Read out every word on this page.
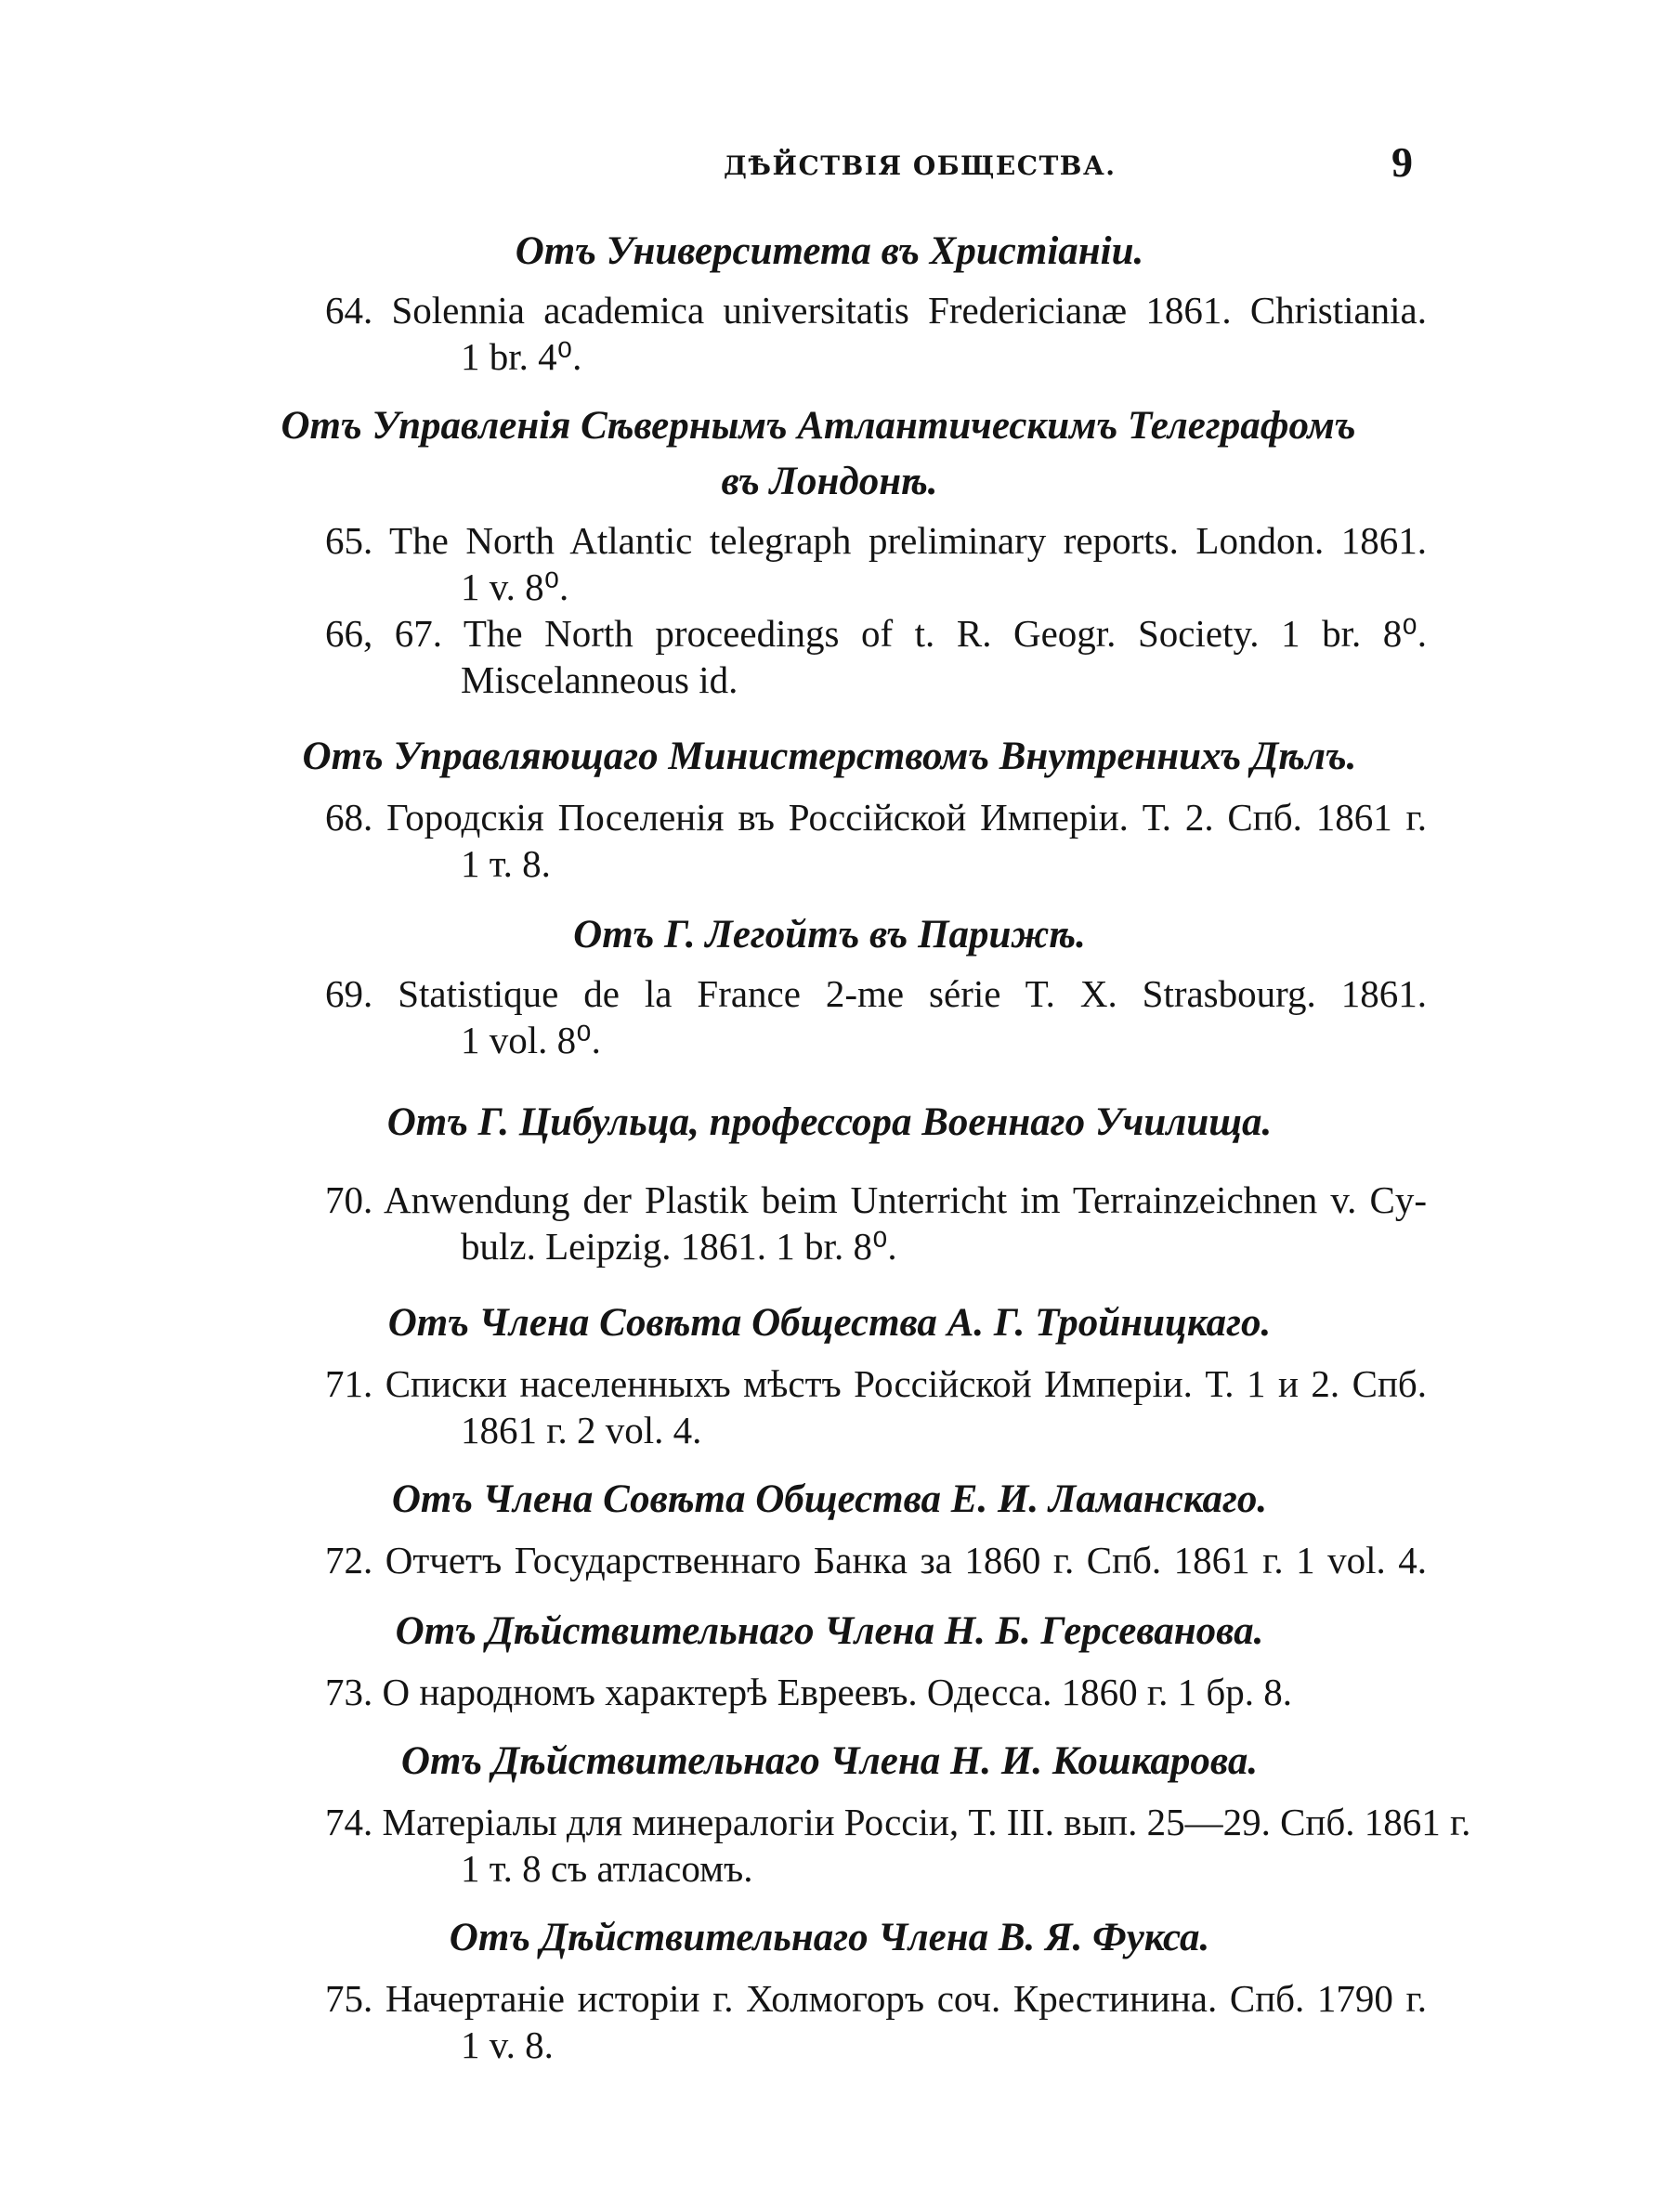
ДѢЙСТВІЯ ОБЩЕСТВА.	9
Отъ Университета въ Христіаніи.
64. Solennia academica universitatis Fredericianæ 1861. Christiania.
1 br. 4⁰.
Отъ Управленія Сѣвернымъ Атлантическимъ Телеграфомъ
въ Лондонѣ.
65. The North Atlantic telegraph preliminary reports. London. 1861.
1 v. 8⁰.
66, 67. The North proceedings of t. R. Geogr. Society. 1 br. 8⁰.
Miscelanneous id.
Отъ Управляющаго Министерствомъ Внутреннихъ Дѣлъ.
68. Городскія Поселенія въ Россійской Имперіи. Т. 2. Спб. 1861 г.
1 т. 8.
Отъ Г. Легойтъ въ Парижѣ.
69. Statistique de la France 2-me série T. X. Strasbourg. 1861.
1 vol. 8⁰.
Отъ Г. Цибульца, профессора Военнаго Училища.
70. Anwendung der Plastik beim Unterricht im Terrainzeichnen v. Cy-
bulz. Leipzig. 1861. 1 br. 8⁰.
Отъ Члена Совѣта Общества А. Г. Тройницкаго.
71. Списки населенныхъ мѣстъ Россійской Имперіи. Т. 1 и 2. Спб.
1861 г. 2 vol. 4.
Отъ Члена Совѣта Общества Е. И. Ламанскаго.
72. Отчетъ Государственнаго Банка за 1860 г. Спб. 1861 г. 1 vol. 4.
Отъ Дѣйствительнаго Члена Н. Б. Герсеванова.
73. О народномъ характерѣ Евреевъ. Одесса. 1860 г. 1 бр. 8.
Отъ Дѣйствительнаго Члена Н. И. Кошкарова.
74. Матеріалы для минералогіи Россіи, Т. III. вып. 25—29. Спб. 1861 г.
1 т. 8 съ атласомъ.
Отъ Дѣйствительнаго Члена В. Я. Фукса.
75. Начертаніе исторіи г. Холмогоръ соч. Крестинина. Спб. 1790 г.
1 v. 8.
